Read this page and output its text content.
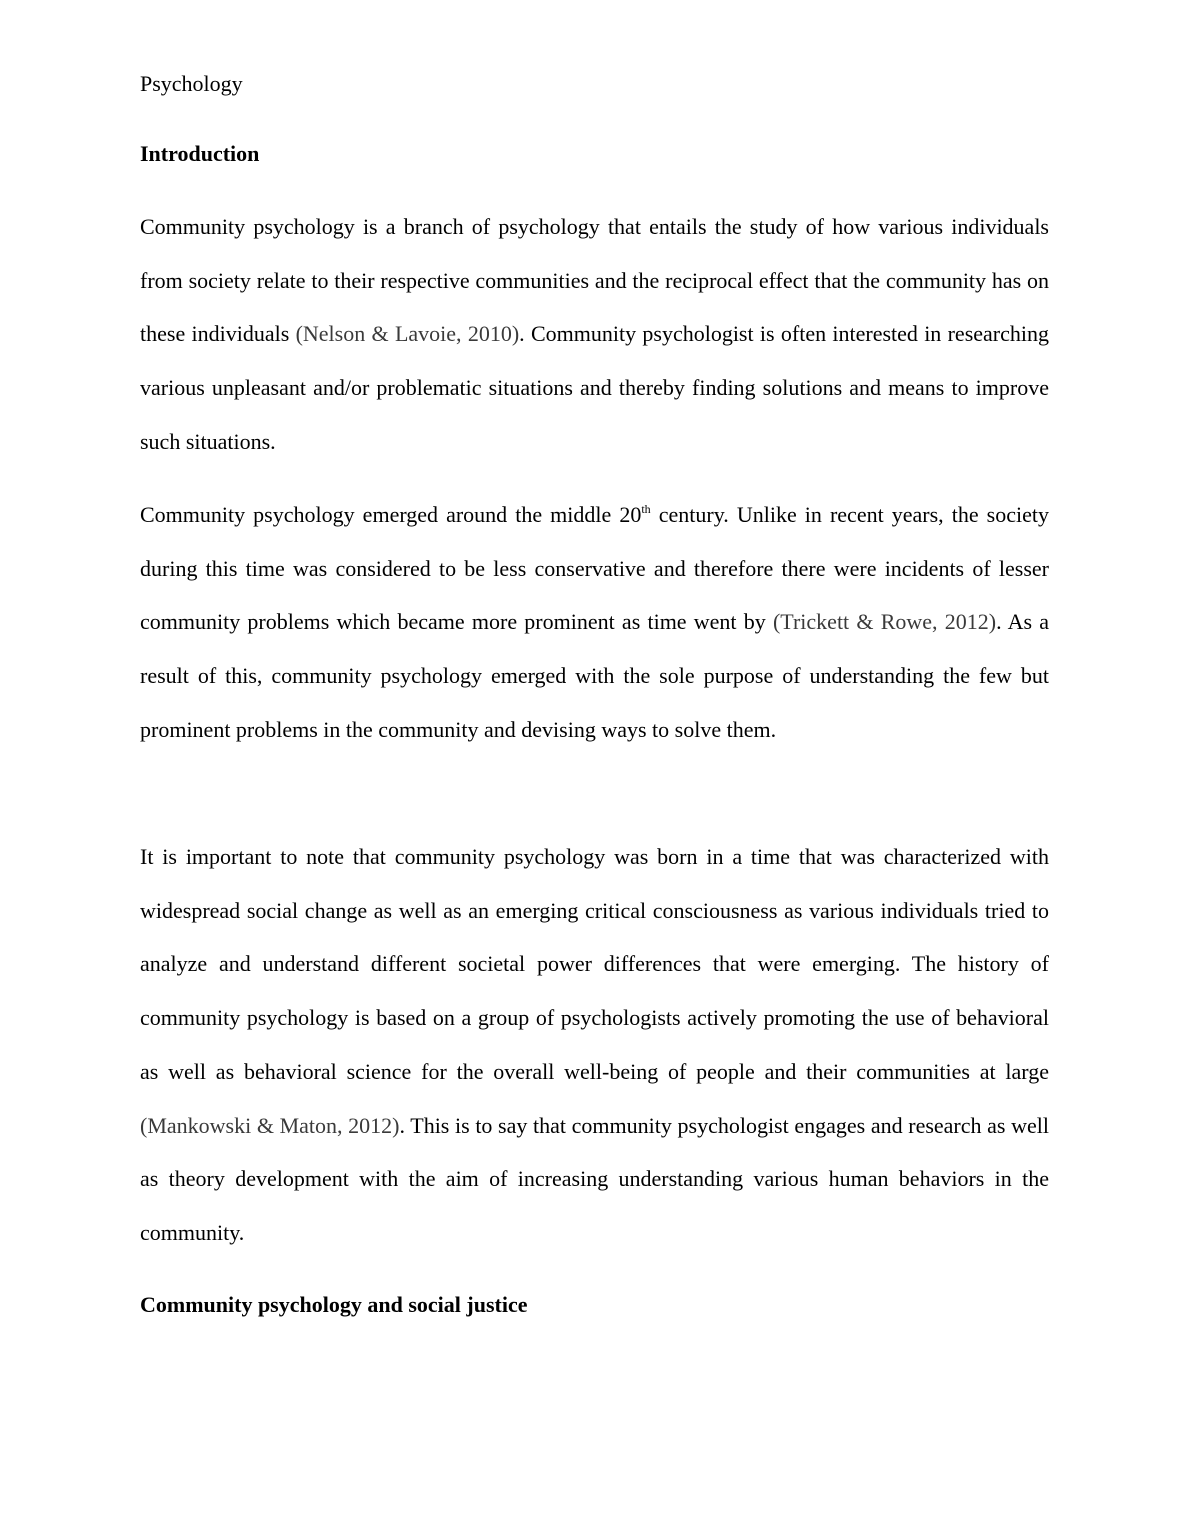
Psychology

Introduction

Community psychology is a branch of psychology that entails the study of how various individuals from society relate to their respective communities and the reciprocal effect that the community has on these individuals (Nelson & Lavoie, 2010). Community psychologist is often interested in researching various unpleasant and/or problematic situations and thereby finding solutions and means to improve such situations.

Community psychology emerged around the middle 20th century. Unlike in recent years, the society during this time was considered to be less conservative and therefore there were incidents of lesser community problems which became more prominent as time went by (Trickett & Rowe, 2012). As a result of this, community psychology emerged with the sole purpose of understanding the few but prominent problems in the community and devising ways to solve them.

It is important to note that community psychology was born in a time that was characterized with widespread social change as well as an emerging critical consciousness as various individuals tried to analyze and understand different societal power differences that were emerging. The history of community psychology is based on a group of psychologists actively promoting the use of behavioral as well as behavioral science for the overall well-being of people and their communities at large (Mankowski & Maton, 2012). This is to say that community psychologist engages and research as well as theory development with the aim of increasing understanding various human behaviors in the community.

Community psychology and social justice
